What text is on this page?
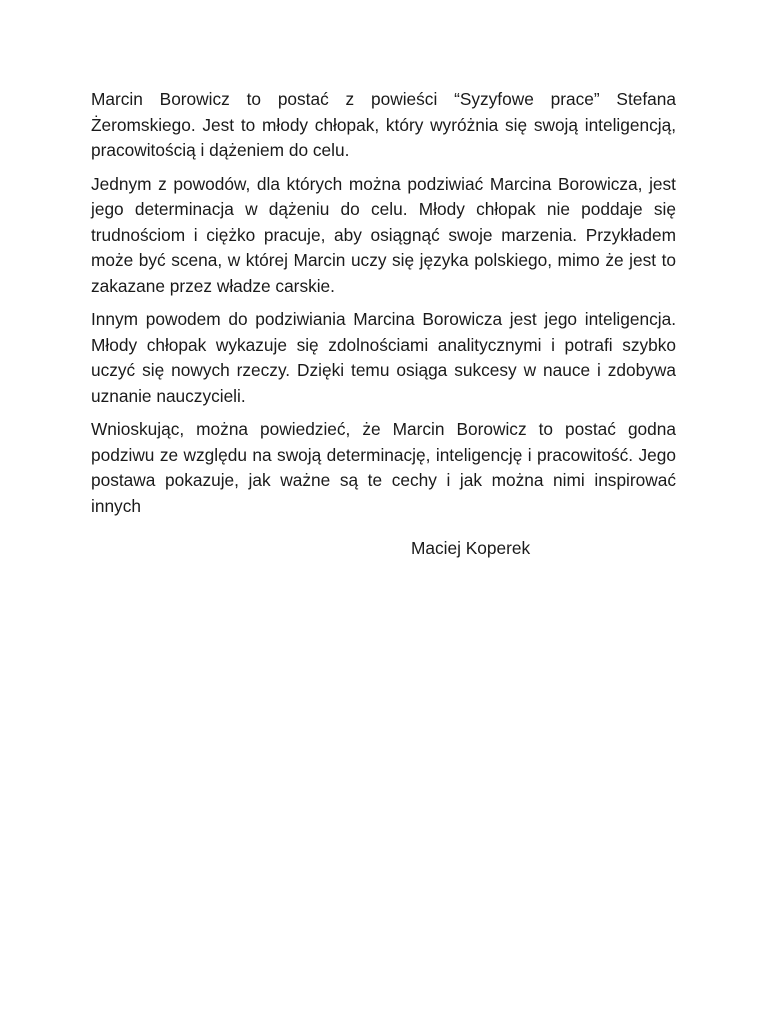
Marcin Borowicz to postać z powieści “Syzyfowe prace” Stefana Żeromskiego. Jest to młody chłopak, który wyróżnia się swoją inteligencją, pracowitością i dążeniem do celu.

Jednym z powodów, dla których można podziwiać Marcina Borowicza, jest jego determinacja w dążeniu do celu. Młody chłopak nie poddaje się trudnościom i ciężko pracuje, aby osiągnąć swoje marzenia. Przykładem może być scena, w której Marcin uczy się języka polskiego, mimo że jest to zakazane przez władze carskie.

Innym powodem do podziwiania Marcina Borowicza jest jego inteligencja. Młody chłopak wykazuje się zdolnościami analitycznymi i potrafi szybko uczyć się nowych rzeczy. Dzięki temu osiąga sukcesy w nauce i zdobywa uznanie nauczycieli.

Wnioskując, można powiedzieć, że Marcin Borowicz to postać godna podziwu ze względu na swoją determinację, inteligencję i pracowitość. Jego postawa pokazuje, jak ważne są te cechy i jak można nimi inspirować innych

Maciej Koperek
